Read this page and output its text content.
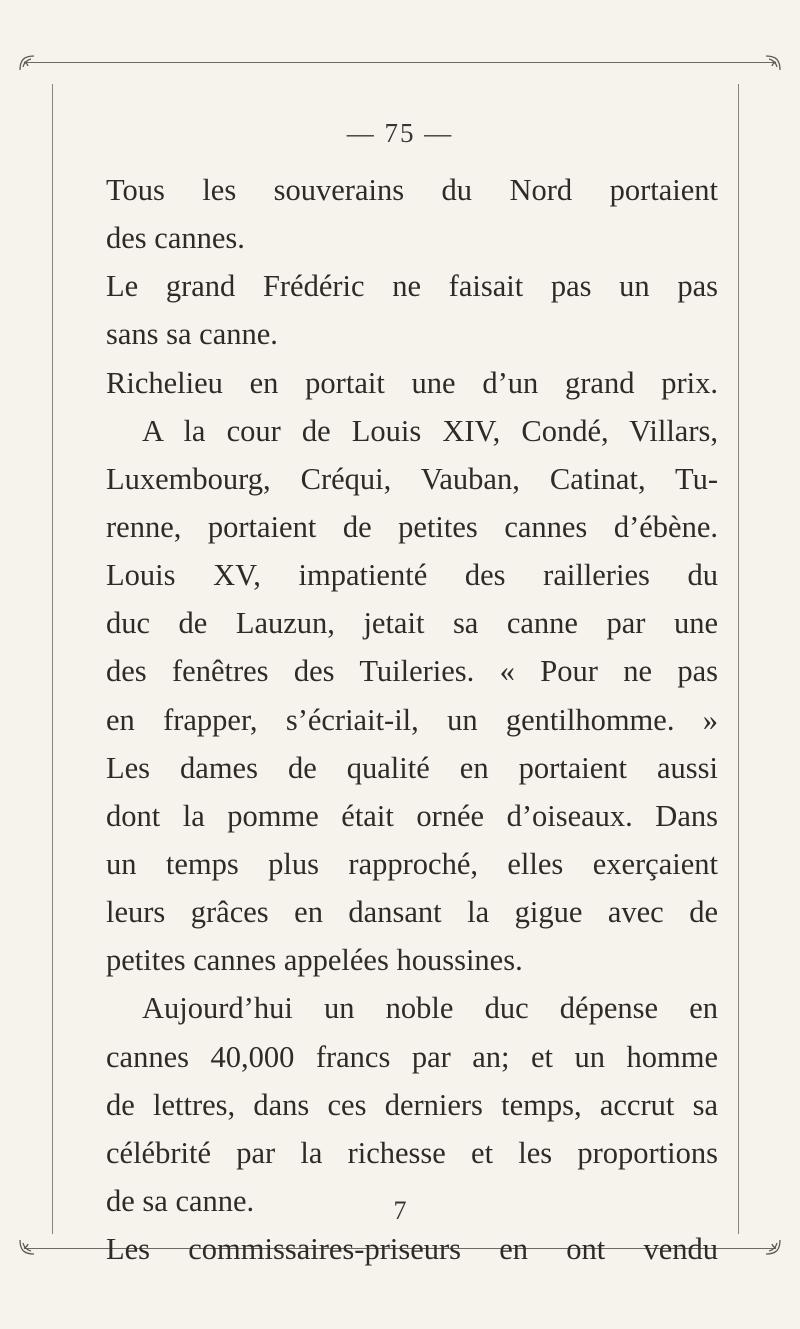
— 75 —
Tous les souverains du Nord portaient
des cannes.
Le grand Frédéric ne faisait pas un pas
sans sa canne.
Richelieu en portait une d’un grand prix.
A la cour de Louis XIV, Condé, Villars,
Luxembourg, Créqui, Vauban, Catinat, Tu-
renne, portaient de petites cannes d’ébène.
Louis XV, impatienté des railleries du
duc de Lauzun, jetait sa canne par une
des fenêtres des Tuileries. « Pour ne pas
en frapper, s’écriait-il, un gentilhomme. »
Les dames de qualité en portaient aussi
dont la pomme était ornée d’oiseaux. Dans
un temps plus rapproché, elles exerçaient
leurs grâces en dansant la gigue avec de
petites cannes appelées houssines.
Aujourd’hui un noble duc dépense en
cannes 40,000 francs par an; et un homme
de lettres, dans ces derniers temps, accrut sa
célébrité par la richesse et les proportions
de sa canne.
Les commissaires-priseurs en ont vendu
7
